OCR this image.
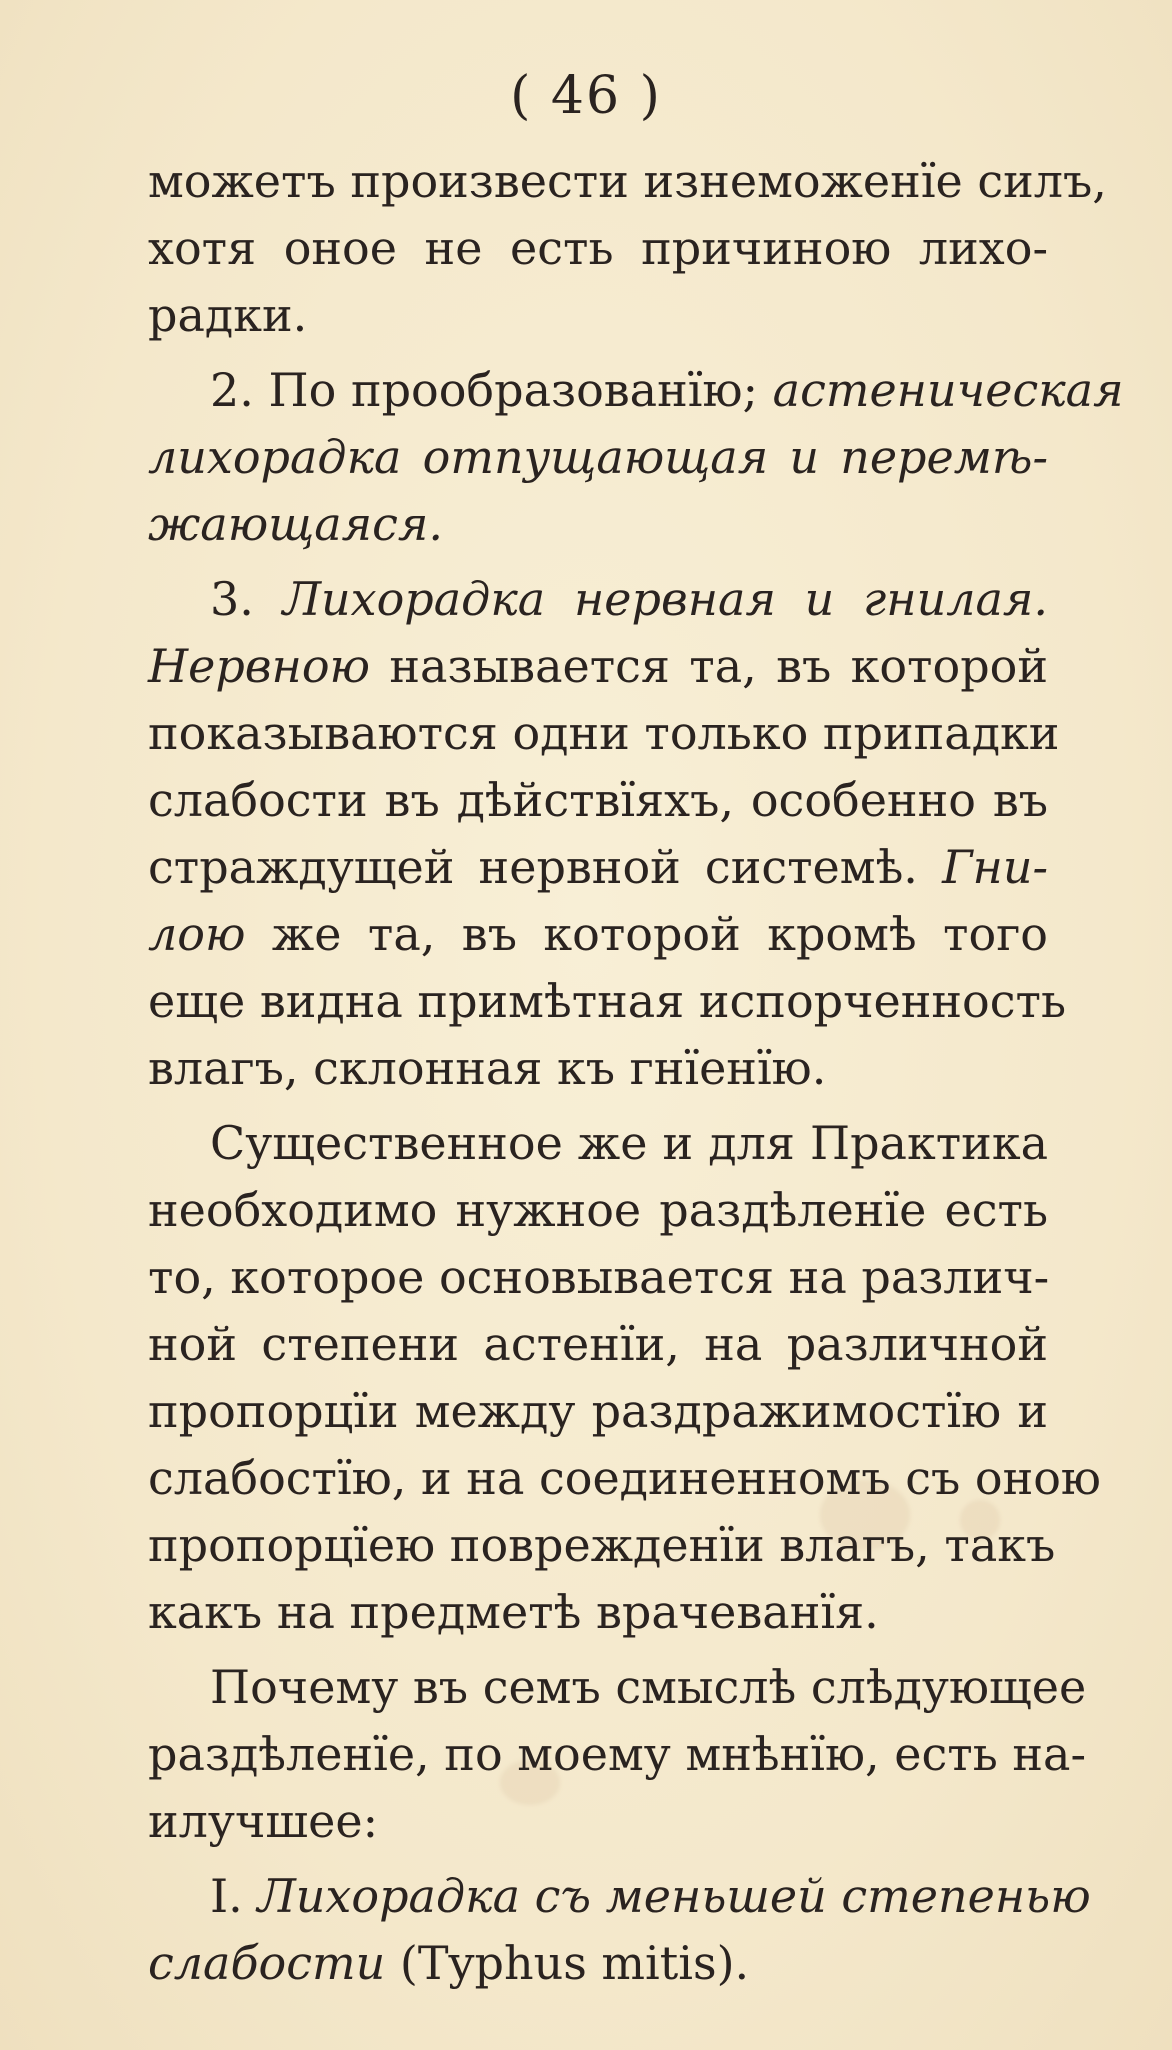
( 46 )
можетъ произвести изнеможенïе силъ,
хотя оное не есть причиною лихо-
радки.
2. По прообразованïю; астеническая
лихорадка отпущающая и перемѣ-
жающаяся.
3. Лихорадка нервная и гнилая.
Нервною называется та, въ которой
показываются одни только припадки
слабости въ дѣйствïяхъ, особенно въ
страждущей нервной системѣ. Гни-
лою же та, въ которой кромѣ того
еще видна примѣтная испорченность
влагъ, склонная къ гнïенïю.
Существенное же и для Практика
необходимо нужное раздѣленïе есть
то, которое основывается на различ-
ной степени астенïи, на различной
пропорцïи между раздражимостïю и
слабостïю, и на соединенномъ съ оною
пропорцïею поврежденïи влагъ, такъ
какъ на предметѣ врачеванïя.
Почему въ семъ смыслѣ слѣдующее
раздѣленïе, по моему мнѣнïю, есть на-
илучшее:
I. Лихорадка съ меньшей степенью
слабости (Typhus mitis).
